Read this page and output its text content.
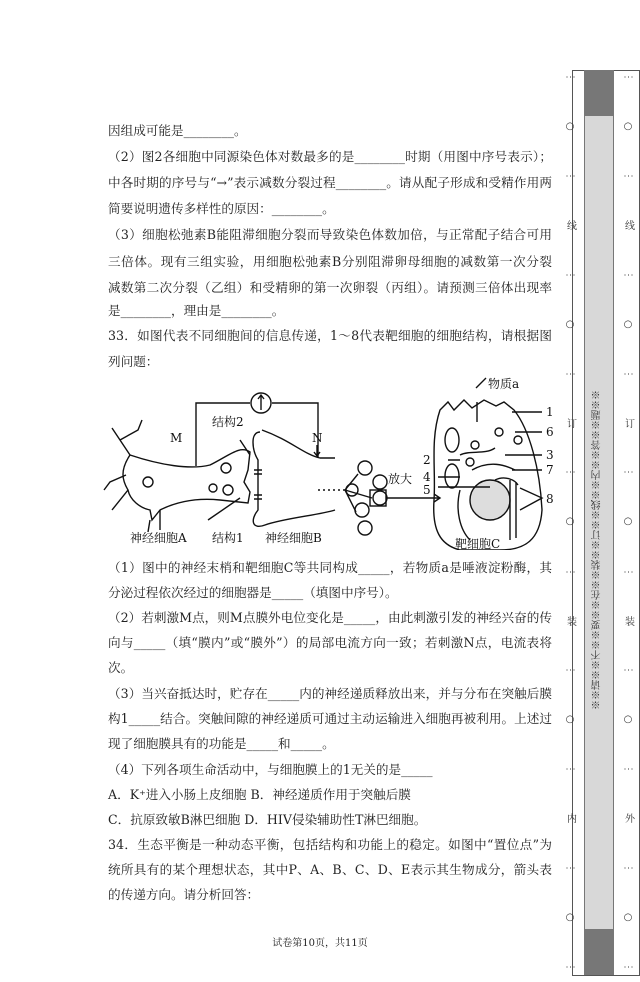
因组成可能是________。
（2）图2各细胞中同源染色体对数最多的是________时期（用图中序号表示）；
中各时期的序号与“→”表示减数分裂过程________。请从配子形成和受精作用两
简要说明遗传多样性的原因：________。
（3）细胞松弛素B能阻滞细胞分裂而导致染色体数加倍，与正常配子结合可用
三倍体。现有三组实验，用细胞松弛素B分别阻滞卵母细胞的减数第一次分裂
减数第二次分裂（乙组）和受精卵的第一次卵裂（丙组）。请预测三倍体出现率
是________，理由是________。
33．如图代表不同细胞间的信息传递，1～8代表靶细胞的细胞结构，请根据图
列问题：
（1）图中的神经末梢和靶细胞C等共同构成_____，若物质a是唾液淀粉酶，其
分泌过程依次经过的细胞器是_____（填图中序号）。
（2）若刺激M点，则M点膜外电位变化是_____，由此刺激引发的神经兴奋的传
向与_____（填“膜内”或“膜外”）的局部电流方向一致；若刺激N点，电流表将
次。
（3）当兴奋抵达时，贮存在_____内的神经递质释放出来，并与分布在突触后膜
构1_____结合。突触间隙的神经递质可通过主动运输进入细胞再被利用。上述过
现了细胞膜具有的功能是_____和_____。
（4）下列各项生命活动中，与细胞膜上的1无关的是_____
A．K⁺进入小肠上皮细胞 B．神经递质作用于突触后膜
C．抗原致敏B淋巴细胞 D．HIV侵染辅助性T淋巴细胞。
34．生态平衡是一种动态平衡，包括结构和功能上的稳定。如图中“置位点”为
统所具有的某个理想状态，其中P、A、B、C、D、E表示其生物成分，箭头表
的传递方向。请分析回答：
结构2
M	N
神经细胞A 结构1 神经细胞B
放大
物质a
靶细胞C
1
2	3
4
5
6
7
8
⋮
○
⋮
线
⋮
○
⋮
订
⋮
○
⋮
装
⋮
○
⋮
内
⋮
○
⋮
※※请※※不※※要※※在※※装※※订※※线※※内※※答※※题※※
⋮
○
⋮
线
⋮
○
⋮
订
⋮
○
⋮
装
⋮
○
⋮
外
⋮
○
⋮
试卷第10页，共11页
